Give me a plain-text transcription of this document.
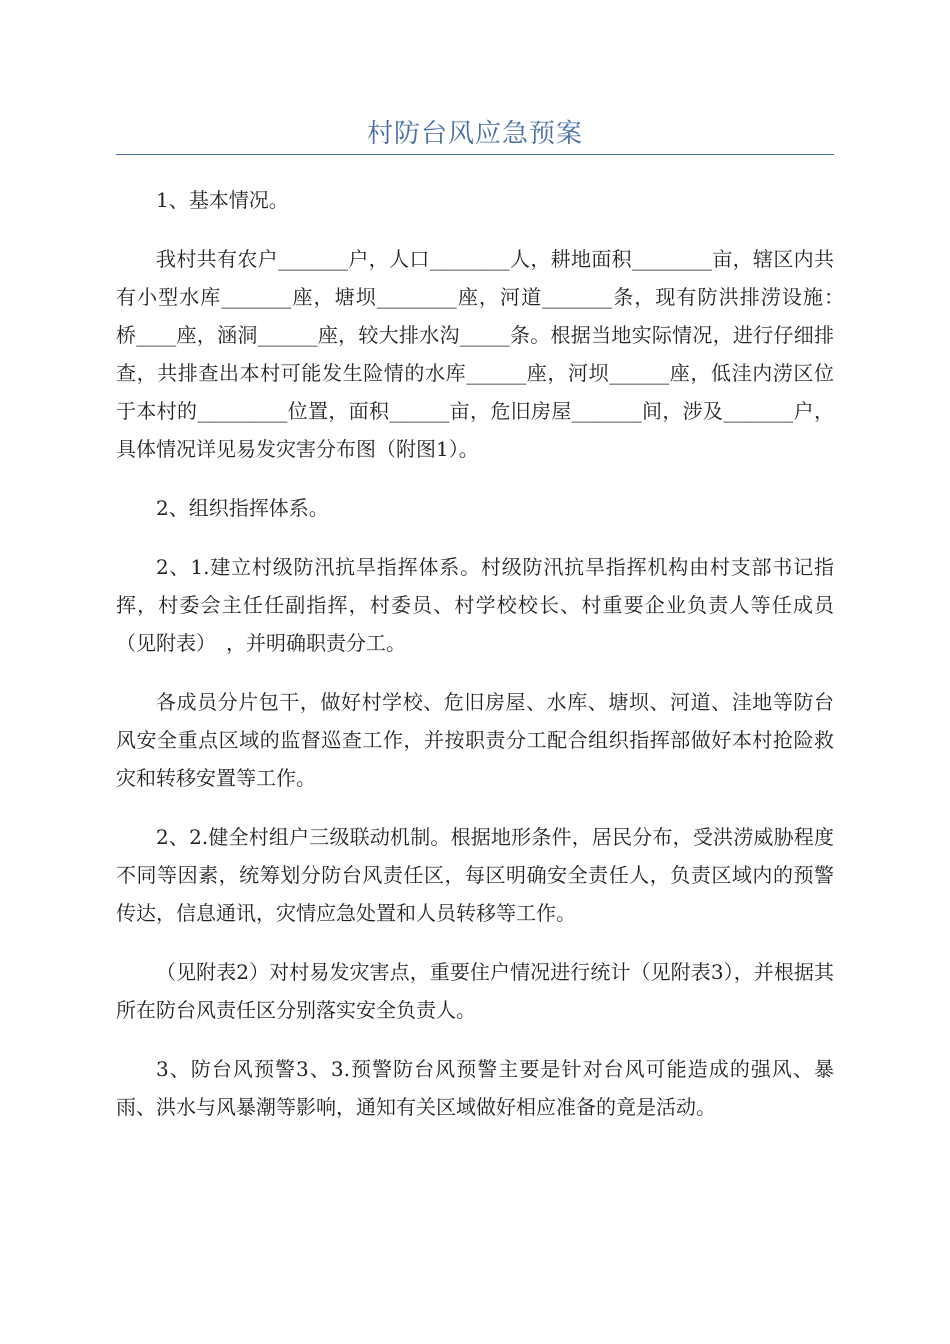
村防台风应急预案

1、基本情况。

我村共有农户_______户，人口________人，耕地面积________亩，辖区内共有小型水库_______座，塘坝________座，河道_______条，现有防洪排涝设施：　桥____座，涵洞______座，较大排水沟_____条。根据当地实际情况，进行仔细排查，共排查出本村可能发生险情的水库______座，河坝______座，低洼内涝区位于本村的_________位置，面积______亩，危旧房屋_______间，涉及_______户，具体情况详见易发灾害分布图（附图1）。

2、组织指挥体系。

2、1.建立村级防汛抗旱指挥体系。村级防汛抗旱指挥机构由村支部书记指挥，村委会主任任副指挥，村委员、村学校校长、村重要企业负责人等任成员（见附表）　，并明确职责分工。

各成员分片包干，做好村学校、危旧房屋、水库、塘坝、河道、洼地等防台风安全重点区域的监督巡查工作，并按职责分工配合组织指挥部做好本村抢险救灾和转移安置等工作。

2、2.健全村组户三级联动机制。根据地形条件，居民分布，受洪涝威胁程度不同等因素，统筹划分防台风责任区，每区明确安全责任人，负责区域内的预警传达，信息通讯，灾情应急处置和人员转移等工作。

（见附表2）对村易发灾害点，重要住户情况进行统计（见附表3），并根据其所在防台风责任区分别落实安全负责人。

3、防台风预警3、3.预警防台风预警主要是针对台风可能造成的强风、暴雨、洪水与风暴潮等影响，通知有关区域做好相应准备的竟是活动。
